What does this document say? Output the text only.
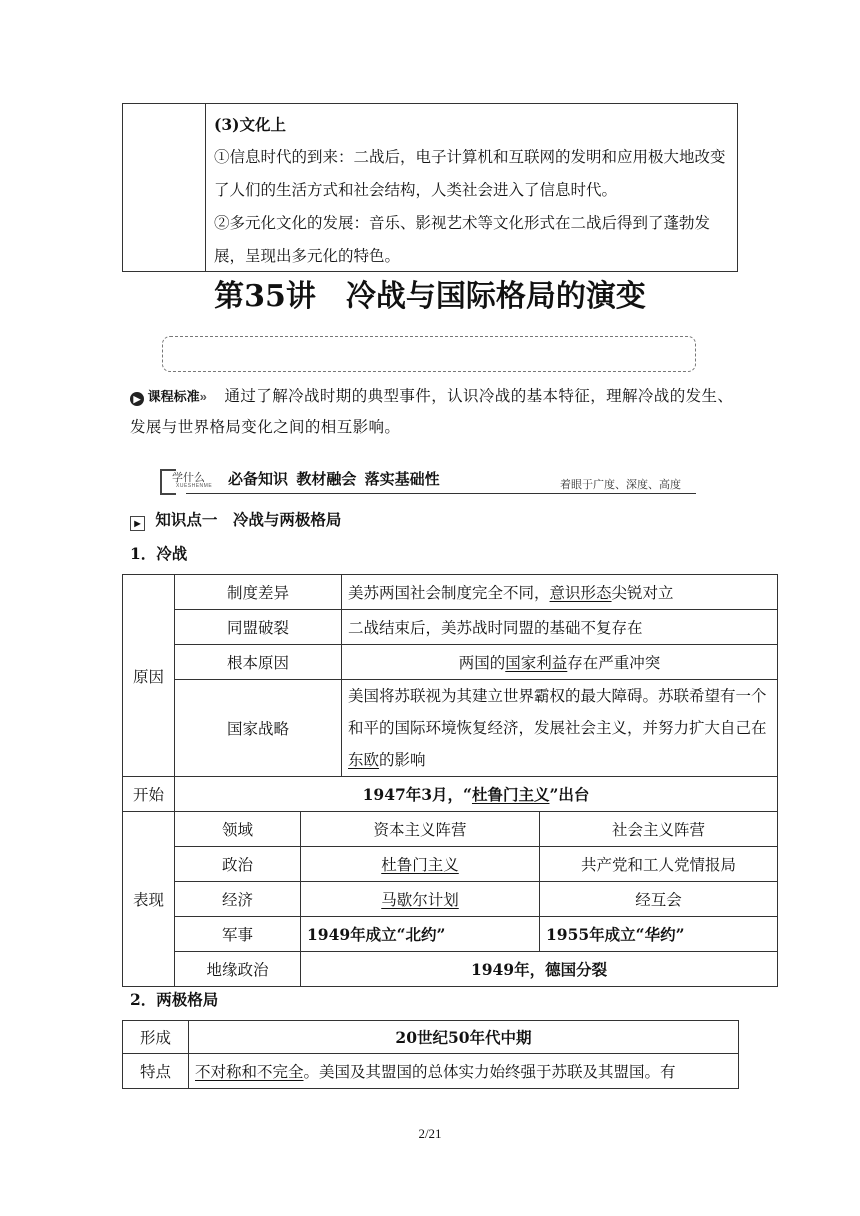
(3)文化上
①信息时代的到来：二战后，电子计算机和互联网的发明和应用极大地改变了人们的生活方式和社会结构，人类社会进入了信息时代。
②多元化文化的发展：音乐、影视艺术等文化形式在二战后得到了蓬勃发展，呈现出多元化的特色。
第35讲　冷战与国际格局的演变
▶ 课程标准» 通过了解冷战时期的典型事件，认识冷战的基本特征，理解冷战的发生、发展与世界格局变化之间的相互影响。
学什么
XUESHENME 必备知识  教材融会  落实基础性	着眼于广度、深度、高度
▶ 知识点一　冷战与两极格局
1．冷战
原因	制度差异		美苏两国社会制度完全不同，意识形态尖锐对立	
	同盟破裂		二战结束后，美苏战时同盟的基础不复存在	
	根本原因		两国的国家利益存在严重冲突	
	国家战略		美国将苏联视为其建立世界霸权的最大障碍。苏联希望有一个和平的国际环境恢复经济，发展社会主义，并努力扩大自己在东欧的影响	
开始	1947年3月，“杜鲁门主义”出台			
表现	领域	资本主义阵营		社会主义阵营
	政治	杜鲁门主义		共产党和工人党情报局
	经济	马歇尔计划		经互会
	军事	1949年成立“北约”		1955年成立“华约”
	地缘政治	1949年，德国分裂		
2．两极格局
形成	20世纪50年代中期
特点	不对称和不完全。美国及其盟国的总体实力始终强于苏联及其盟国。有
2/21
